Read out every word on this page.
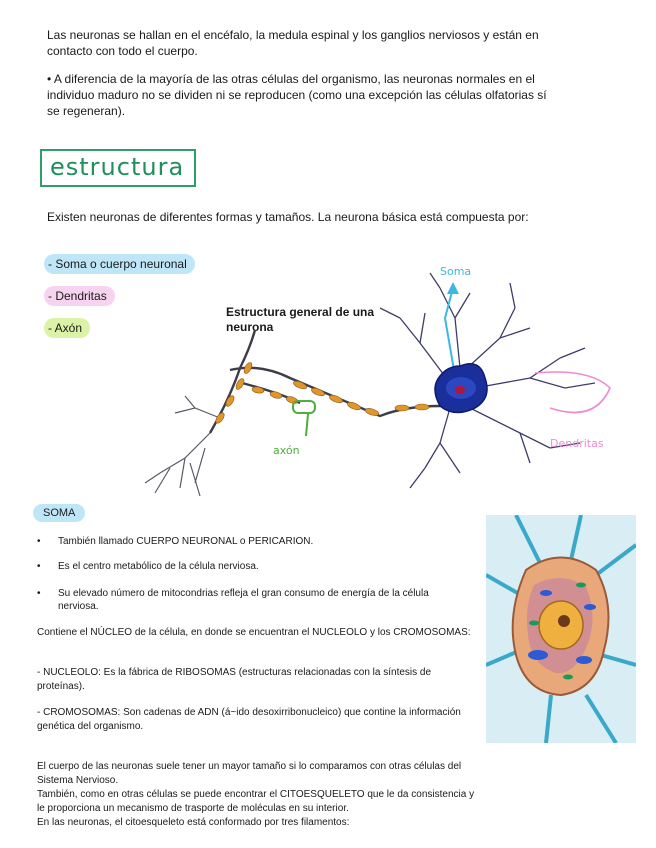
Las neuronas se hallan en el encéfalo, la medula espinal y los ganglios nerviosos y están en contacto con todo el cuerpo.

• A diferencia de la mayoría de las otras células del organismo, las neuronas normales en el individuo maduro no se dividen ni se reproducen (como una excepción las células olfatorias sí se regeneran).

estructura

Existen neuronas de diferentes formas y tamaños. La neurona básica está compuesta por:

- Soma o cuerpo neuronal
- Dendritas
- Axón
Estructura general de una neurona
Soma
axón
Dendritas
SOMA
•	También llamado CUERPO NEURONAL o PERICARION.
•	Es el centro metabólico de la célula nerviosa.
•	Su elevado número de mitocondrias refleja el gran consumo de energía de la célula nerviosa.

Contiene el NÚCLEO de la célula, en donde se encuentran el NUCLEOLO y los CROMOSOMAS:

- NUCLEOLO: Es la fábrica de RIBOSOMAS (estructuras relacionadas con la síntesis de proteínas).

- CROMOSOMAS: Son cadenas de ADN (á~ido desoxirribonucleico) que contine la información genética del organismo.

El cuerpo de las neuronas suele tener un mayor tamaño si lo comparamos con otras células del Sistema Nervioso.
También, como en otras células se puede encontrar el CITOESQUELETO que le da consistencia y le proporciona un mecanismo de trasporte de moléculas en su interior.
En las neuronas, el citoesqueleto está conformado por tres filamentos:
